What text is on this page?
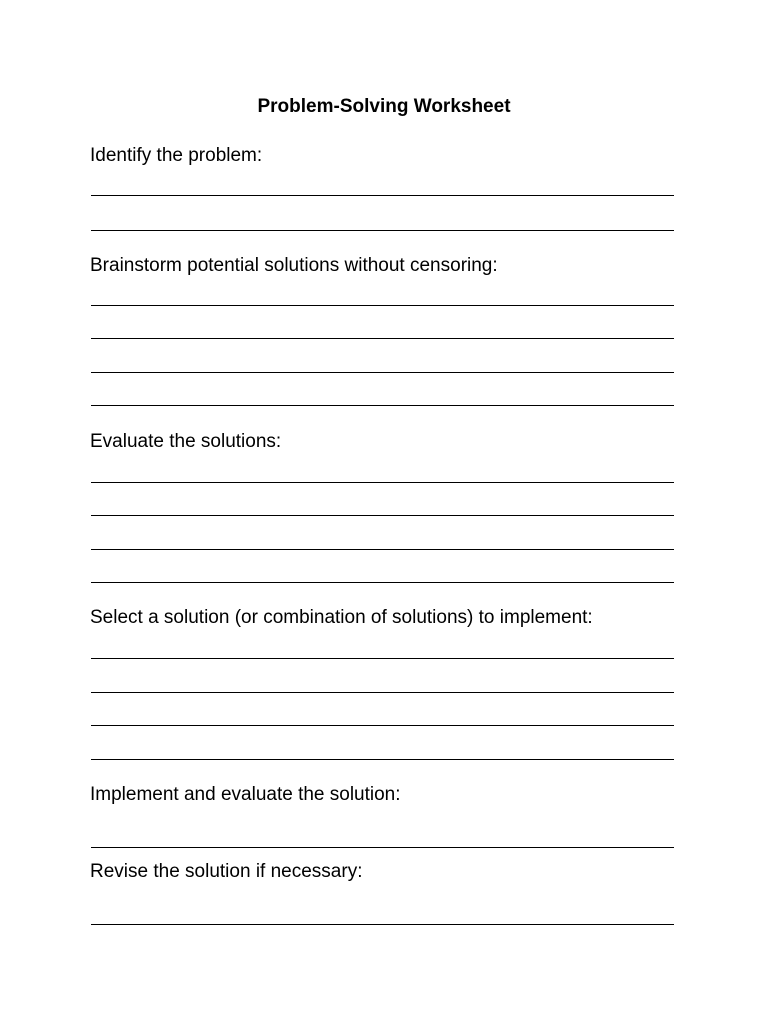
Problem-Solving Worksheet

Identify the problem:

Brainstorm potential solutions without censoring:

Evaluate the solutions:

Select a solution (or combination of solutions) to implement:

Implement and evaluate the solution:

Revise the solution if necessary:
